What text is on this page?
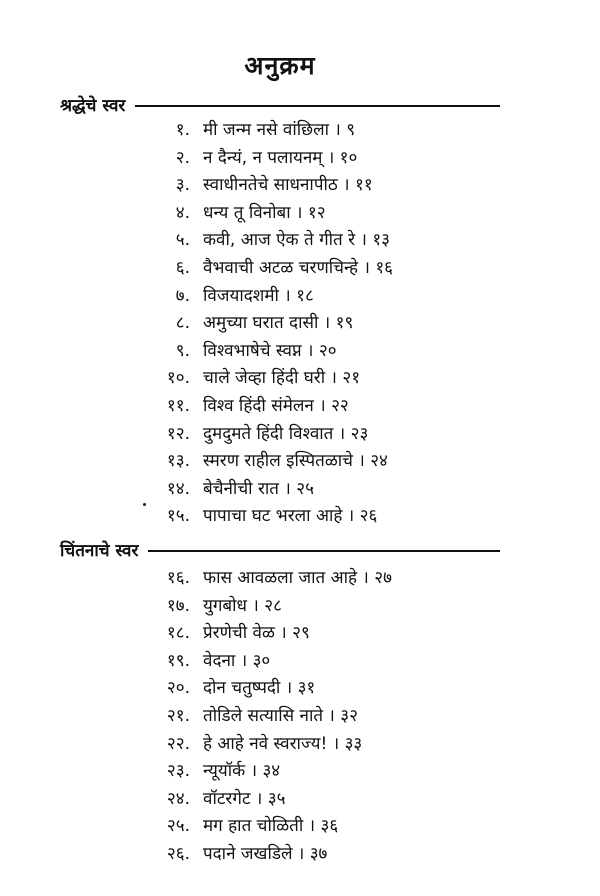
अनुक्रम
श्रद्धेचे स्वर
१. मी जन्म नसे वांछिला । ९
२. न दैन्यं, न पलायनम् । १०
३. स्वाधीनतेचे साधनापीठ । ११
४. धन्य तू विनोबा । १२
५. कवी, आज ऐक ते गीत रे । १३
६. वैभवाची अटळ चरणचिन्हे । १६
७. विजयादशमी । १८
८. अमुच्या घरात दासी । १९
९. विश्वभाषेचे स्वप्न । २०
१०. चाले जेव्हा हिंदी घरी । २१
११. विश्व हिंदी संमेलन । २२
१२. दुमदुमते हिंदी विश्वात । २३
१३. स्मरण राहील इस्पितळाचे । २४
१४. बेचैनीची रात । २५
१५. पापाचा घट भरला आहे । २६
चिंतनाचे स्वर
१६. फास आवळला जात आहे । २७
१७. युगबोध । २८
१८. प्रेरणेची वेळ । २९
१९. वेदना । ३०
२०. दोन चतुष्पदी । ३१
२१. तोडिले सत्यासि नाते । ३२
२२. हे आहे नवे स्वराज्य! । ३३
२३. न्यूयॉर्क । ३४
२४. वॉटरगेट । ३५
२५. मग हात चोळिती । ३६
२६. पदाने जखडिले । ३७
